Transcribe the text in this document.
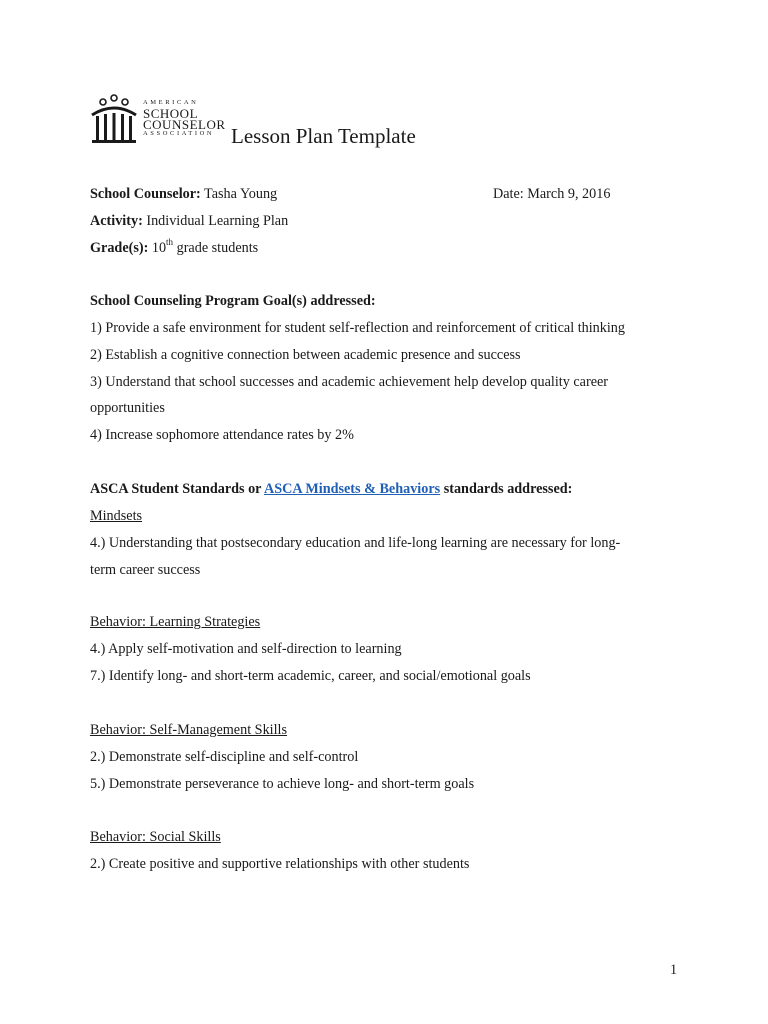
AMERICAN
SCHOOL
COUNSELOR
ASSOCIATION Lesson Plan Template
School Counselor: Tasha Young	Date: March 9, 2016
Activity: Individual Learning Plan
Grade(s): 10th grade students
School Counseling Program Goal(s) addressed:
1) Provide a safe environment for student self-reflection and reinforcement of critical thinking
2) Establish a cognitive connection between academic presence and success
3) Understand that school successes and academic achievement help develop quality career
opportunities
4) Increase sophomore attendance rates by 2%
ASCA Student Standards or ASCA Mindsets & Behaviors standards addressed:
Mindsets
4.) Understanding that postsecondary education and life-long learning are necessary for long-
term career success
Behavior: Learning Strategies
4.) Apply self-motivation and self-direction to learning
7.) Identify long- and short-term academic, career, and social/emotional goals
Behavior: Self-Management Skills
2.) Demonstrate self-discipline and self-control
5.) Demonstrate perseverance to achieve long- and short-term goals
Behavior: Social Skills
2.) Create positive and supportive relationships with other students
1
